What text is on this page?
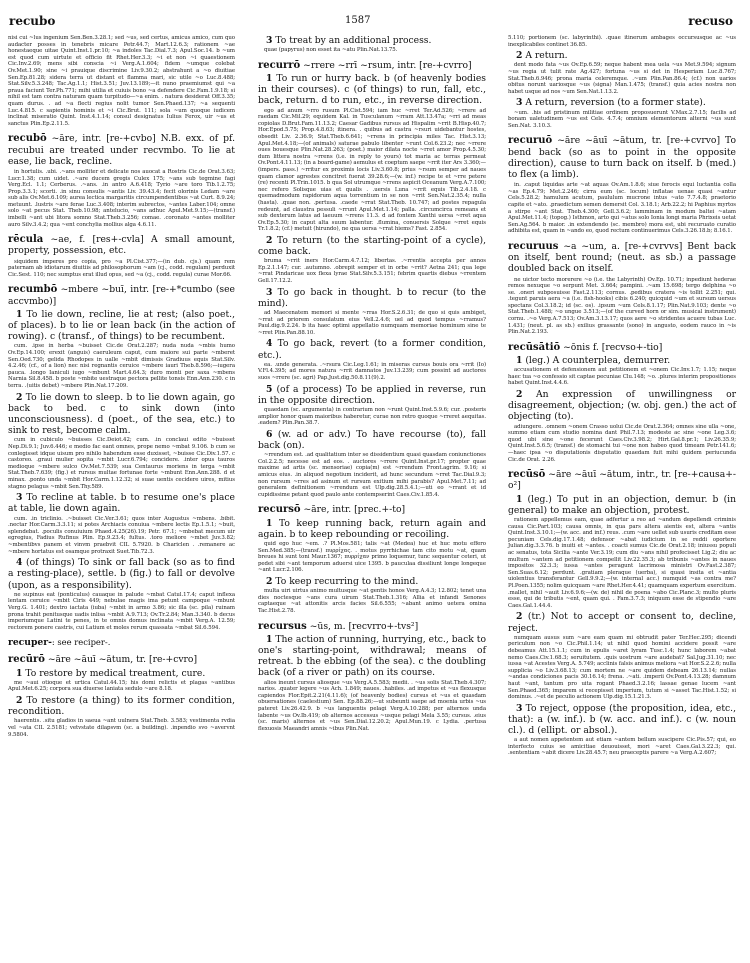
recubo	1587	recuso

nisi cui ~lus ingenium Sen.Ben.3.28.1; sed ~us, sed certus, amicus amico, cum quo audacter posses in tenebris micare Petr.44.7; Mart.12.6.3; rationem ~ae honestaeque uitae Quint.Inst.1.pr.10; ~a indoles Tac.Dial.7.3; Apul.Soc.14. b ~um est quod cum uirtute et officio fit Rhet.Her.3.3; ~i et non ~i quaestionem Cic.Inv.2.69; mens sibi conscia ~i Verg.A.1.604; fidem ~umque colebat Ov.Met.1.90; sine ~i prauique discrimine Liv.9.30.2; abstrahunt a ~o diuitiae Sen.Ep.81.28; sidera terra ut distant et flamma mari, sic utile ~o Luc.8.488; Stat.Silv.5.3.248; Tac.Ag.1.1; Hist.3.51; Juv.13.189;—it nuno praemiumst qui ~a praua faciunt Ter.Ph.771; mihi utilia et cuiuis bono ~a defendere Cic.Fam.1.9.18; si nihil est tam contra naturam quam turpitudo—~a enim. . natura desiderat Off.3.35; quam durus. . ad ~a flecti regius nolit tumor Sen.Phaed.137; ~a sequenti Luc.4.815. c sapientis hominis et ~i Cic.Brut. 111; sola ~um quoque iudicem inclinat miseratio Quint. Inst.4.1.14; consul designatus Iulius Ferox, uir ~us et sanctus Plin.Ep.2.11.5.

recubō ~āre, intr. [re-+cvbo] N.B. exx. of pf. recubui are treated under recvmbo. To lie at ease, lie back, recline.

in hortulis. .ubi. .~ans molliter et delicate nos auocat a Rostris Cic.de Orat.3.63; Lucr.1.38; cum uidet. .~are ducem gregis Culex 175; ~ans sub tegmine fagi Verg.Ecl. 1.1; Cerberus. .~ans. .in antro A.6.418; Tyrio ~are toro Tib.1.2.75; Prop.3.3.1; scorti. .in sinu consulis ~antis Liv. 39.43.4; fecit olorinis Ledam ~are sub alis Ov.Met.6.109; aurea lectica margaritis circumpendentibus ~at Curt. 8.9.24; metuunt. .lustris ~are ferae Luc.3.408; interim subrectos, ~antes Laber.104; omne solo ~at pecus Stat. Theb.10.98; antelucio, ~ans adhuc Apul.Met.9.15;—(transf.) imbelli ~ant ubi litora somno Stat.Theb.3.256; comae. .coronato ~antes molliter auro Silv.3.4.2; qua ~ent conchylia mollius alga 4.6.11.

rēcula ~ae, f. [res+-cvla] A small amount, property, possession, etc.

siquidem imperes pro copia, pro ~a Pl.Cist.377;—(in dub. cjs.) quam rem paternam ab idiotarum diuitiis ad philosophorum ~am (cj., codd. regulam) perduxit Cic.Sest. 110; nec sumptus erat illud opus, sed ~a (cj., codd. regula) curae Mor.66.

recumbō ~mbere ~buī, intr. [re-+*cumbo (see accvmbo)]

1 To lie down, recline, lie at rest; (also poet., of places). b to lie or lean back (in the action of rowing). c (transf., of things) to be recumbent.

cum. .ipse in herba ~buisset Cic.de Orat.2.287; nuda nuda ~mbis humo Ov.Ep.14.100; erexit (anguis) caeruleum caput, cum maiore sui parte ~mberet Sen.Oed.730; gelida Rhodopes in ualle ~mbit dimissis Gradiuus equis Stat.Silv. 4.2.46; (cf., of a lion) nec nisi regnantis ceruice ~mbere iauri Theb.8.596;—iugera pauca. .longo Ianiculi iugo ~mbunt Mart.4.64.3; duro monti per saxa ~mbens Narnia Sil.8.458. b poste ~mbite uestraque pectora pellite tonsis Enn.Ann.230. c in terra. .(uitis debet) ~mbere Plin.Nat.17.209.

2 To lie down to sleep. b to lie down again, go back to bed. c to sink down (into unconsciousness). d (poet., of the sea, etc.) to sink to rest, become calm.

cum in cubiculo ~buisses Cic.Deiot.42; cum. .in conclaui edito ~buisset Nep.Di.9.1; Juv.6.446; e medio fac eant omnes, prope nemo ~mbat 9.106. b cum se conlegisset idque uisum pro nihilo habendum esse duxisset, ~buisse Cic.Div.1.57. c castoreo. .graui mulier sopita ~mbit Lucr.6.794; concidere. .inter opus tauros medioque ~mbere sulco Ov.Met.7.539; sua Centaurus moriens in terga ~mbit Stat.Theb.7.639; (fig.) et rursus multae fortunae forte ~mbunt Enn.Ann.288. d et minax. .ponto unda ~mbit Hor.Carm.1.12.32; si suae uentis cecidere uires, mitius stagno pelagus ~mbit Sen.Thy.589.

3 To recline at table. b to resume one's place at table, lie down again.

cum. .in triclinio. .~buisset Cic.Ver.3.61; quos inter Augustus ~mbens. .bibit. .nectar Hor.Carm.3.3.11; si potes Archiacis conuiua ~mbere lectis Ep.1.5.1; ~buit, splendebat. .poculis conuiuium Phaed.4.25(26).19; Petr. 67.1; ~mbebat mecum uir egregius, Fadius Rufinus Plin. Ep.9.23.4; fultus. .toro meliore ~mbet Juv.3.82; ~mbentibvs panem et vinvm praebvit CIL 5.7920. b Chariclen . .remanere ac ~mbere hortatus est osamque protraxit Suet.Tib.72.3.

4 (of things) To sink or fall back (so as to find a resting-place), settle. b (fig.) to fall or devolve (upon, as a responsibility).

ne supinus eat (ponticulus) cauaque in palude ~mbat Catul.17.4; caput inflexa lentam ceruice ~mbit Ciris 449; nebulae magis ima petunt campoque ~mbunt Verg.G. 1.401; dextro iactata (iuba) ~mbit in armo 3.86; sic illa (sc. pila) ruinam prona trahit penitusque uadis inlisa ~mbit A.9.713; Ov.Tr.2.84; Man.3.340. b decus imperiumque Latini te penes, in te omnis domus inclinata ~mbit Verg.A. 12.59; rectorem ponere castris, cui Latium et moles rerum quassata ~mbat Sil.6.594.

recuper-: see reciper-.

recūrō ~āre ~āuī ~ātum, tr. [re-+cvro]

1 To restore by medical treatment, cure.

me ~aui otioque et urtica Catul.44.15; his domi relictis et plagas ~antibus Apul.Met.6.25; corpora sua diuerse laniata sedulo ~are 8.18.

2 To restore (a thing) to its former condition, recondition.

haerentis. .situ gladios in saeua ~ant uulnera Stat.Theb. 3.583; vestimenta rvdia vel ~ata CIL 2.5181; vetvstate dilapsvm (sc. a building). .inpendio svo ~avervnt 9.5804.

3 To treat by an additional process.

quae (papyrus) non esset ita ~atu Plin.Nat.13.75.

recurrō ~rrere ~rrī ~rsum, intr. [re-+cvrro]

1 To run or hurry back. b (of heavenly bodies in their courses). c (of things) to run, fall, etc., back, return. d to run, etc., in reverse direction.

ego ad anum ~rro rusum Pl.Cist.594; iam huc ~rret Ter.Ad.526; ~rrere ad raedam Cic.Mil.29; equidem Kal. in Tusculanum ~rram Att.13.47a; ~rri ad meas copiolas D.Brut.Fam.11.13.2; Caesar Gadibus rursus ad Hispalim ~rrit B.Hisp.40.7; Hor.Epod.5.75; Prop.4.8.63; itinera. . quibus ad castra ~rsuri uidebantur hostes, obsedit Liv. 2.36.9; Stat.Theb.6.641; ~rrens in principia miles Tac. Hist.3.13; Apul.Met.4.18;—(of animals) saturae pabulo libenter ~runt Col.6.23.2; nec ~rrere oues bouesque Plin.Nat.28.263; (poet.) maior dilata nocte ~rret amor Prop.4.5.30; dum littera nostra ~rrens (i.e. in reply to yours) tot maria ac terras permeat Ov.Pont.4.11.13; (in a board-game) aemulus et coeptum saepe ~rrit iter Ars 3.360;—(impers. pass.) ~rritur ex proximis locis Liv.3.60.8; prius ~rsum semper ad naues quam clamor agrestes concitret fuerat 39.28.6;—(w. inf.) recipe te et ~rre petere (re) recenti Pl.Trin.1015. b qua Sol utrumque ~rrens aspicit Oceanum Verg.A.7.100; nec refero Solisque uias et qualis . .uersis Luna ~rrit equis Tib.2.4.18. c quemadmodum rapidorum aqua torrentium in se non ~rrit Sen.Nat.2.35.4; nulla (hasta). .quae non. .pertusa. .caede ~rrat Stat.Theb. 10.747; ad postes repagula redeunt, ad claustra pessuli ~rrunt Apul.Met.1.14; palla. .circumcirca remeans et sub dexterum latus ad laeuum ~rrens 11.3. d ad fontem Xanthi uersa ~rret aqua Ov.Ep.5.30; in caput alta suum labentur. .flumina, conuersis Solque ~rret equis Tr.1.8.2; (cf.) metuit (hirundo), ne qua uersa ~rrat hiems? Fast. 2.854.

2 To return (to the starting-point of a cycle), come back.

bruma ~rrit iners Hor.Carm.4.7.12; libertas. .~rrentis accepta per annos Ep.2.1.147; cur. .autumno. .obrepit semper et in orbe ~rrit? Aetna 241; qua lege ~rrat Pindaricae uox flexa lyrae Stat.Silv.5.3.151; febrim quartis diebus ~rrentem Gell.17.12.2.

3 To go back in thought. b to recur (to the mind).

ad Maecenatem memori si mente ~rras Hor.S.2.6.31; de quo si quis ambiget, ~rrat ad priorem consulatum eius Vell.2.4.6; uel ad quod tempus ~rramus? Paul.dig.9.2.24. b ita haec optimi appellatio numquam memoriae hominum sine te ~rret Plin.Pan.88.10.

4 To go back, revert (to a former condition, etc.).

ea. .unde generata. .~rsura Cic.Leg.1.61; in miseras cursus bouis ora ~rrit (Io) V.Fl.4.395; ad mores natura ~rrit damnatos Juv.13.239; cum possint ad auctores suos ~rrere (sc. agri) Pap.Just.dig.50.8.11(9).2.

5 (of a process) To be applied in reverse, run in the opposite direction.

quaedam (sc. argumenta) in contrarium non ~runt Quint.Inst.5.9.6; cur. .posteris amplior honor quam maioribus haberetur, curae non retro quoque ~rreret aequitas. .eadem? Plin.Pan.38.7.

6 (w. ad or adv.) To have recourse (to), fall back (on).

~rrendum est. .ad qualitatium inter se dissidentium quasi quasdam coniunctiones Col.2.2.5; necesse est ad eos. . auctores ~rrere Quint.Inst.pr.17; propter quae maxime ad artis (sc. mensoriae) copia(m) est ~rrendum Front.agrim. 9.16; si amicus eius. .in aliquod negotium inciderit, ad hunc secundum ~rret Tac.Dial.9.3; non rursum ~rres ad asinum et rursum exitium mihi parabis? Apul.Met.7.11; ad generalem definitionem ~rrendum est Ulp.dig.28.5.4.1;—uti eo ~rrant et id cupidissime petant quod paulo ante contempserint Caes.Civ.1.85.4.

recursō ~āre, intr. [prec.+-to]

1 To keep running back, return again and again. b to keep rebounding or recoiling.

quid ego huc ~em. .? Pl.Mos.581; talis ~at (Medea) huc et huc motu effero Sen.Med.385;—(transf.) πυρρίχας. . motus pyrrhichae tam cito motu ~at, quam breues hi sunt toni Maur.1367; πυρρίχαν primo loquemur, tunc sequentur ceteri, ut pedet sibi ~ant temporum aduersi uice 1395. b pauculaa dissiliunt longe longeque ~ant Lucr.2.106.

2 To keep recurring to the mind.

multa uiri uirtus animo multusque ~at gentis honos Verg.A.4.3; 12.802; tenet una dies noctesque ~ans cura uirum Stat.Theb.1.316; Allia et infandi Senones captaeque ~at attonitis arcis facies Sil.6.555; ~abant animo uetera omina Tac.Hist.2.78.

recursus ~ūs, m. [recvrro+-tvs²]

1 The action of running, hurrying, etc., back to one's starting-point, withdrawal; means of retreat. b the ebbing (of the sea). c the doubling back (of a river or path) on its course.

alios ineunt cursus aliosque ~us Verg.A.5.583; medii. . ~us solis Stat.Theb.4.307; narios. .quater legere ~us Ach. 1.849; naues. .habiles. .ad impetus et ~us flexusque capiendos Flor.Epit.2.21(4.11.6); (of heavenly bodies) cursus et ~us et quasdam obuersationes (caelestium) Sen. Ep.88.26;—ut subeunti saepe ad moenia urbis ~us pateret Liv.26.42.9. b ~us languentis pelagi Verg.A.10.288; per alternos unda labente ~us Ov.Ib.419; ob alternos accessus ~usque pelagi Mela 3.55; cursus. .eius (sc. maris) alternos et ~us Sen.Dial.12.20.2; Apul.Mun.19. c Lydia. .pertusa flexuosis Maeandri amnis ~ibus Plin.Nat.

5.110; portionem (sc. labyrinthi). .quae itinerum ambages occursusque ac ~us inexplicabiles continet 36.85.

2 A return.

dent modo fata ~us Ov.Ep.6.59; neque habent mea uela ~us Met.9.594; signum ~us regia ut tulit rate Ag.427; fortuna ~us si det in Hesperiam Luc.8.767; Stat.Theb.6.946; prona maria celeremque. .~um Plin.Pan.86.4; (cf.) non uarios obitus norunt uariosque ~us (signa) Man.1.475; (transf.) quia acies nostra non habet usque ad nos ~um Sen.Nat.1.13.2.

3 A return, reversion (to a former state).

~um. .his ad pristinum militiae ordinem proposuerunt V.Max.2.7.15; facilis ad bonam ualetudinem ~us est Cels. 4.7.4; omnium elementorum alterni ~us sunt Sen.Nat. 3.10.3.

recuruō ~āre ~āuī ~ātum, tr. [re-+cvrvo] To bend back (so as to point in the opposite direction), cause to turn back on itself. b (med.) to flex (a limb).

in. .caput liquidas arte ~at aquas Ov.Am.1.8.6; siue ferocis equi luctantia colla ~as Ep.4.79; Met.2.246; cirra eum (sc. locum) inflatae uenae quasi ~antur Cels.5.28.2; hamulum acutum, paululum mucrone intus ~ato 7.7.4.8; praetorio capite et ~ato. .praedictum semen demersit Col. 3.18.1; Arb.22.2; hi Paphius myrtos a stirpe ~ant Stat. Theb.4.300; Gell.3.6.2; lamminam in modum baltei ~atam Apul.Met.11.4; (topog.) Isthmon, arto qui ~atus solo Ionia longi maria Phrixeis uetat Sen.Ag.564. b maior. .in extendendo (sc. membro) mora est, ubi recuruato curatio adhibita est, quam in ~ando eo, quod rectum continuerimus Cels.3.26.18.b; 8.16.1.

recuruus ~a ~um, a. [re-+cvrvvs] Bent back on itself, bent round; (neut. as sb.) a passage doubled back on itself.

ne uictor tecto morerere ~o (i.e. the Labyrinth) Ov.Ep. 10.71; inpediunt hederae remos nexuque ~o serpunt Met. 3.664; pampini. .~am 15.698; tergo delphina ~o se. .oneri subposuisse Fast.2.113; cornus. .pedibus cratera ~is tollit 2.251; qui. .tegunt paruis aera ~a (i.e. fish-hooks) cibis 6.240; quicquid ~um et sursum uersus spectans Col.3.18.2; id (sc. os). .ipsum ~um Cels.8.1.17; Plin.Nat.9.103; dente ~o Stat.Theb.1.488; ~o ungue 3.513;—(of the curved horn or sim. musical instrument) cornu. .~o Verg.A.7.513; Ov.Am.3.13.17; quos aere ~o stridentes acuere tubas Luc. 1.431; (neut. pl. as sb.) exilius grassante (sono) in angusto, eodem rauco in ~is Plin.Nat.2.193.

recūsātiō ~ōnis f. [recvso+-tio]

1 (leg.) A counterplea, demurrer.

accusationem et defensionem aut petitionem et ~onem Cic.Inv.1.7; 1.15; neque haec tua ~o confessio sit captae pecuniae Clu.148; ~o. .plures interim propositiones habet Quint.Inst.4.4.6.

2 An expression of unwillingness or disagreement, objection; (w. obj. gen.) the act of objecting (to).

adiungere. .omnem ~onem Crasso uolui Cic.de Orat.2.364; omnes sine ulla ~one, summo etiam cum studio nomina dant Phil.7.13; modeste ac sine ~one Leg.3.6; quod ubi sine ~one fecerunt Caes.Civ.3.98.2; Hirt.Gal.8.pr.1; Liv.26.35.9; Quint.Inst.5.6.5; (transf.) de stomachi tui ~one non habeo quod timeam Petr.141.6;—haec ipsa ~o disputationis disputatio quaedam fuit mihi quidem periucunda Cic.de Orat. 2.26.

recūsō ~āre ~āuī ~ātum, intr., tr. [re-+causa+-o²]

1 (leg.) To put in an objection, demur. b (in general) to make an objection, protest.

rationem appellemus eam, quae adfertur a reo ad ~andum depellendi criminis causa Cic.Part.103; causa omnis, in qua pars altera aientis est, altera ~antis Quint.Inst.3.10.1;—(w. acc. and inf.) reus. .cum ~are uellet sub usuris creditam esse pecuniam Cels.dig.17.1.48; defensor ~abat iudicium in se reddi oportere Julian.dig.3.3.76. b inuiti et ~antes. . coacti sumus Cic.de Orat.2.18; iniussu populi ac senatus, tota Sicilia ~ante Ver.3.19; cum diu ~ans nihil profecisset Lig.2; diu ac multum ~antem ad petitionem compellit Liv.22.35.3; ab tribunis ~antes in naues impositos 32.3.3; iussa ~antes peragunt lacrimosa ministri Ov.Fast.2.387; Sen.Suas.6.12; perdunt. .gratiam pleraque (uerba), si quasi insita et ~antia uiolentius transferantur Gell.9.9.2;—(w. internal acc.) numquid ~as contra me? Pl.Poen.1355; nolim quicquam ~are Rhet.Her.4.41; quamquam expertum exercitum. .mallet, nihil ~auit Liv.6.9.6;—(w. de) nihil de poena ~abo Cic.Planc.3; multo pluris esse, qui de tributis ~ent, quam qui. . Fam.3.7.3; iniquum esse de stipendio ~are Caes.Gal.1.44.4.

2 (tr.) Not to accept or consent to, decline, reject.

numquam ausus sum ~are eam quam mi obtrudit pater Ter.Hec.295; dicendi periculum non ~o Cic.Phil.1.14; ut nihil quod homini accidere possit ~are debeamus Att.15.1.1; cum in epulis ~aret lyram Tusc.1.4; hunc laborem ~abat nemo Caes.Civ.1.68.3; seruitutem. .quis uostrum ~are audebat? Sal.Jug.31.10; nec iussa ~at Acestes Verg.A. 5.749; acclinis falsis animus meliora ~at Hor.S.2.2.6; nulla supplicia ~o Liv.3.68.13; cum mortem ne ~are quidem debeam 26.13.14; nullas ~andas condiciones pacis 30.16.14; frena. .~ati. .imperii Ov.Pont.4.13.28; damnum haut ~ant, tantum pro uita rogant Phaed.3.2.16; lassae genae lucem ~ant Sen.Phaed.365; imparem si recepisset imperium, tutum si ~asset Tac.Hist.1.52; si dominus. .~et de peculio actionem Ulp.dig.15.1.21.3.

3 To reject, oppose (the proposition, idea, etc., that): a (w. inf.). b (w. acc. and inf.). c (w. noun cl.). d (ellipt. or absol.).

a aut nomen appetentem aut etiam ~antem bellum suscipere Cic.Pis.57; qui, eo interfecto cuius se amicitiae deuouisset, mori ~aret Caes.Gal.3.22.3; qui. .sententiam ~abit dicere Liv.28.45.7; neu praeceptis parere ~a Verg.A.2.607;
